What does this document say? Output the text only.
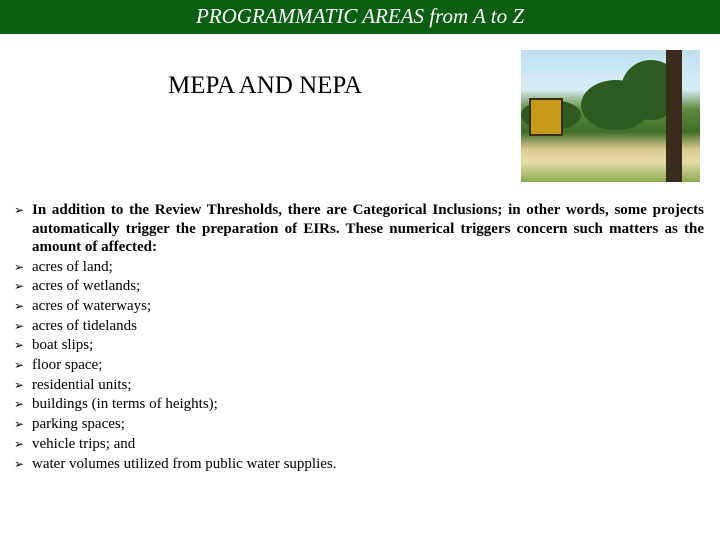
PROGRAMMATIC AREAS from A to Z
MEPA AND NEPA
➢ In addition to the Review Thresholds, there are Categorical Inclusions; in other words, some projects automatically trigger the preparation of EIRs. These numerical triggers concern such matters as the amount of affected:
➢ acres of land;
➢ acres of wetlands;
➢ acres of waterways;
➢ acres of tidelands
➢ boat slips;
➢ floor space;
➢ residential units;
➢ buildings (in terms of heights);
➢ parking spaces;
➢ vehicle trips; and
➢ water volumes utilized from public water supplies.
